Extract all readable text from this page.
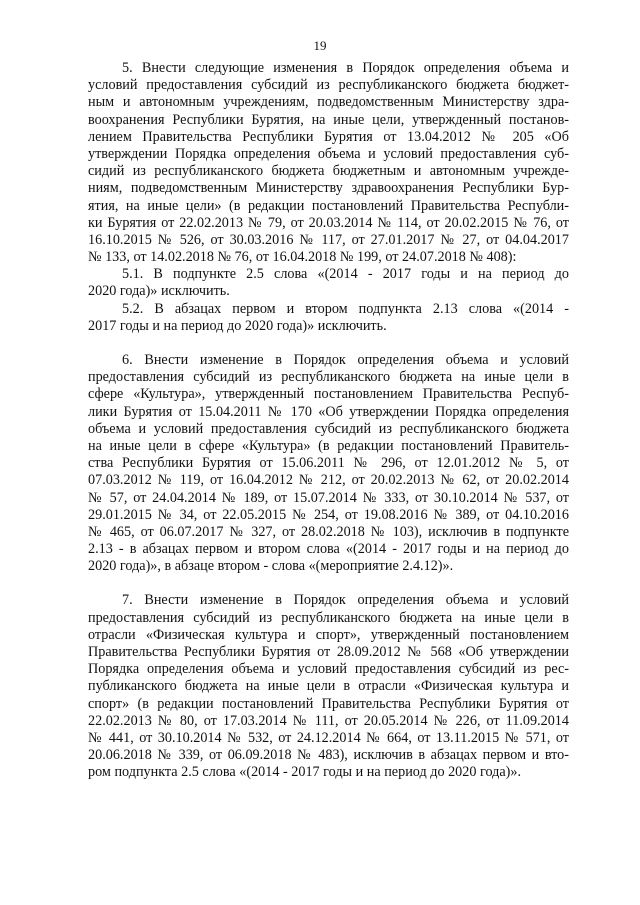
19
5. Внести следующие изменения в Порядок определения объема и
условий предоставления субсидий из республиканского бюджета бюджет-
ным и автономным учреждениям, подведомственным Министерству здра-
воохранения Республики Бурятия, на иные цели, утвержденный постанов-
лением Правительства Республики Бурятия от 13.04.2012 № 205 «Об
утверждении Порядка определения объема и условий предоставления суб-
сидий из республиканского бюджета бюджетным и автономным учрежде-
ниям, подведомственным Министерству здравоохранения Республики Бур-
ятия, на иные цели» (в редакции постановлений Правительства Республи-
ки Бурятия от 22.02.2013 № 79, от 20.03.2014 № 114, от 20.02.2015 № 76, от
16.10.2015 № 526, от 30.03.2016 № 117, от 27.01.2017 № 27, от 04.04.2017
№ 133, от 14.02.2018 № 76, от 16.04.2018 № 199, от 24.07.2018 № 408):
5.1. В подпункте 2.5 слова «(2014 - 2017 годы и на период до
2020 года)» исключить.
5.2. В абзацах первом и втором подпункта 2.13 слова «(2014 -
2017 годы и на период до 2020 года)» исключить.
6. Внести изменение в Порядок определения объема и условий
предоставления субсидий из республиканского бюджета на иные цели в
сфере «Культура», утвержденный постановлением Правительства Респуб-
лики Бурятия от 15.04.2011 № 170 «Об утверждении Порядка определения
объема и условий предоставления субсидий из республиканского бюджета
на иные цели в сфере «Культура» (в редакции постановлений Правитель-
ства Республики Бурятия от 15.06.2011 № 296, от 12.01.2012 № 5, от
07.03.2012 № 119, от 16.04.2012 № 212, от 20.02.2013 № 62, от 20.02.2014
№ 57, от 24.04.2014 № 189, от 15.07.2014 № 333, от 30.10.2014 № 537, от
29.01.2015 № 34, от 22.05.2015 № 254, от 19.08.2016 № 389, от 04.10.2016
№ 465, от 06.07.2017 № 327, от 28.02.2018 № 103), исключив в подпункте
2.13 - в абзацах первом и втором слова «(2014 - 2017 годы и на период до
2020 года)», в абзаце втором - слова «(мероприятие 2.4.12)».
7. Внести изменение в Порядок определения объема и условий
предоставления субсидий из республиканского бюджета на иные цели в
отрасли «Физическая культура и спорт», утвержденный постановлением
Правительства Республики Бурятия от 28.09.2012 № 568 «Об утверждении
Порядка определения объема и условий предоставления субсидий из рес-
публиканского бюджета на иные цели в отрасли «Физическая культура и
спорт» (в редакции постановлений Правительства Республики Бурятия от
22.02.2013 № 80, от 17.03.2014 № 111, от 20.05.2014 № 226, от 11.09.2014
№ 441, от 30.10.2014 № 532, от 24.12.2014 № 664, от 13.11.2015 № 571, от
20.06.2018 № 339, от 06.09.2018 № 483), исключив в абзацах первом и вто-
ром подпункта 2.5 слова «(2014 - 2017 годы и на период до 2020 года)».
